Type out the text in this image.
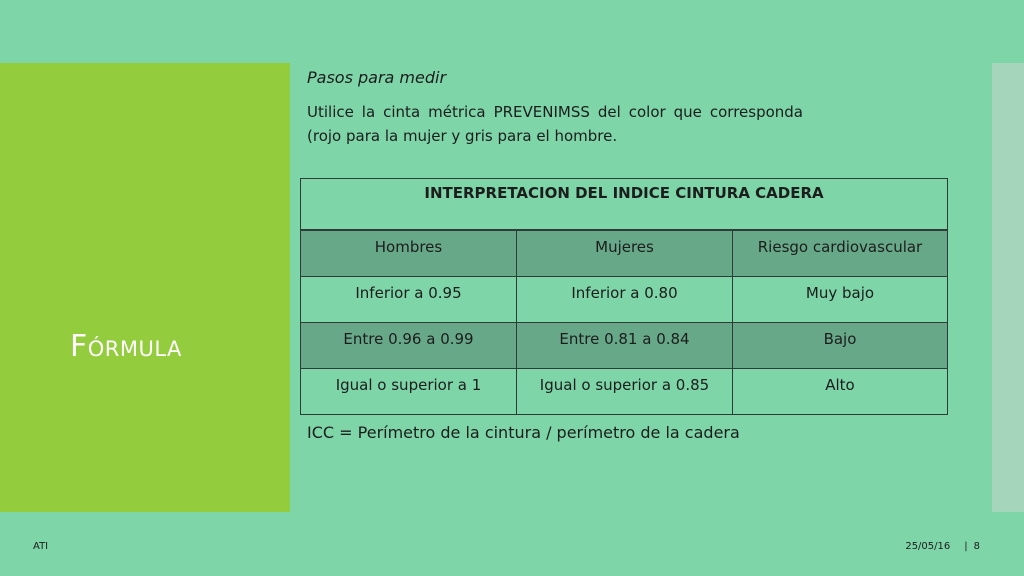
Fórmula
Pasos para medir
Utilice la cinta métrica PREVENIMSS del color que corresponda (rojo para la mujer y gris para el hombre.
INTERPRETACION DEL INDICE CINTURA CADERA		
Hombres	Mujeres	Riesgo cardiovascular
Inferior a 0.95	Inferior a 0.80	Muy bajo
Entre 0.96 a 0.99	Entre 0.81 a 0.84	Bajo
Igual o superior a 1	Igual o superior a 0.85	Alto
ICC = Perímetro de la cintura / perímetro de la cadera
ATI	25/05/16 | 8
